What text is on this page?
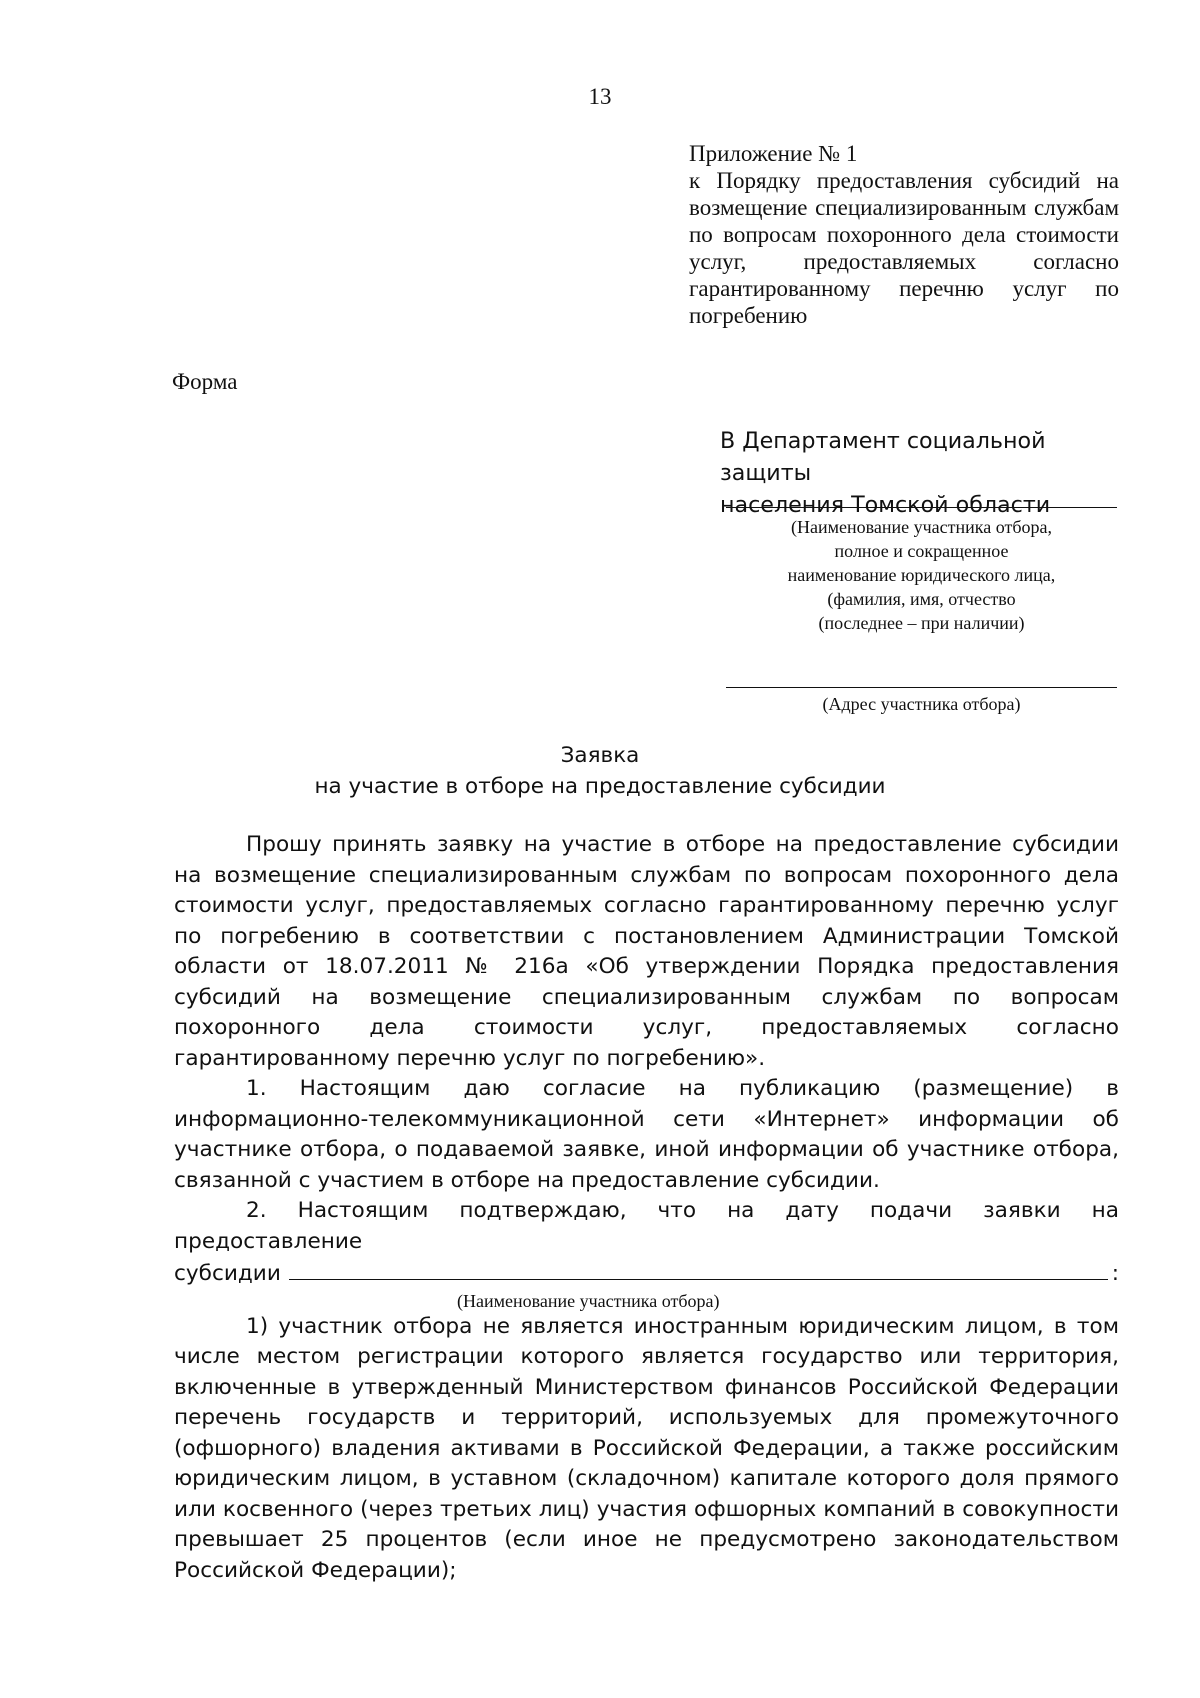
13

Приложение № 1

к Порядку предоставления субсидий на возмещение специализированным службам по вопросам похоронного дела стоимости услуг, предоставляемых согласно гарантированному перечню услуг по погребению

Форма
В Департамент социальной защиты
населения Томской области
(Наименование участника отбора,
полное и сокращенное
наименование юридического лица,
(фамилия, имя, отчество
(последнее – при наличии)
(Адрес участника отбора)
Заявка
на участие в отборе на предоставление субсидии

Прошу принять заявку на участие в отборе на предоставление субсидии на возмещение специализированным службам по вопросам похоронного дела стоимости услуг, предоставляемых согласно гарантированному перечню услуг по погребению в соответствии с постановлением Администрации Томской области от 18.07.2011 № 216а «Об утверждении Порядка предоставления субсидий на возмещение специализированным службам по вопросам похоронного дела стоимости услуг, предоставляемых согласно гарантированному перечню услуг по погребению».

1. Настоящим даю согласие на публикацию (размещение) в информационно-телекоммуникационной сети «Интернет» информации об участнике отбора, о подаваемой заявке, иной информации об участнике отбора, связанной с участием в отборе на предоставление субсидии.

2. Настоящим подтверждаю, что на дату подачи заявки на предоставление

субсидии	:
(Наименование участника отбора)

1) участник отбора не является иностранным юридическим лицом, в том числе местом регистрации которого является государство или территория, включенные в утвержденный Министерством финансов Российской Федерации перечень государств и территорий, используемых для промежуточного (офшорного) владения активами в Российской Федерации, а также российским юридическим лицом, в уставном (складочном) капитале которого доля прямого или косвенного (через третьих лиц) участия офшорных компаний в совокупности превышает 25 процентов (если иное не предусмотрено законодательством Российской Федерации);
